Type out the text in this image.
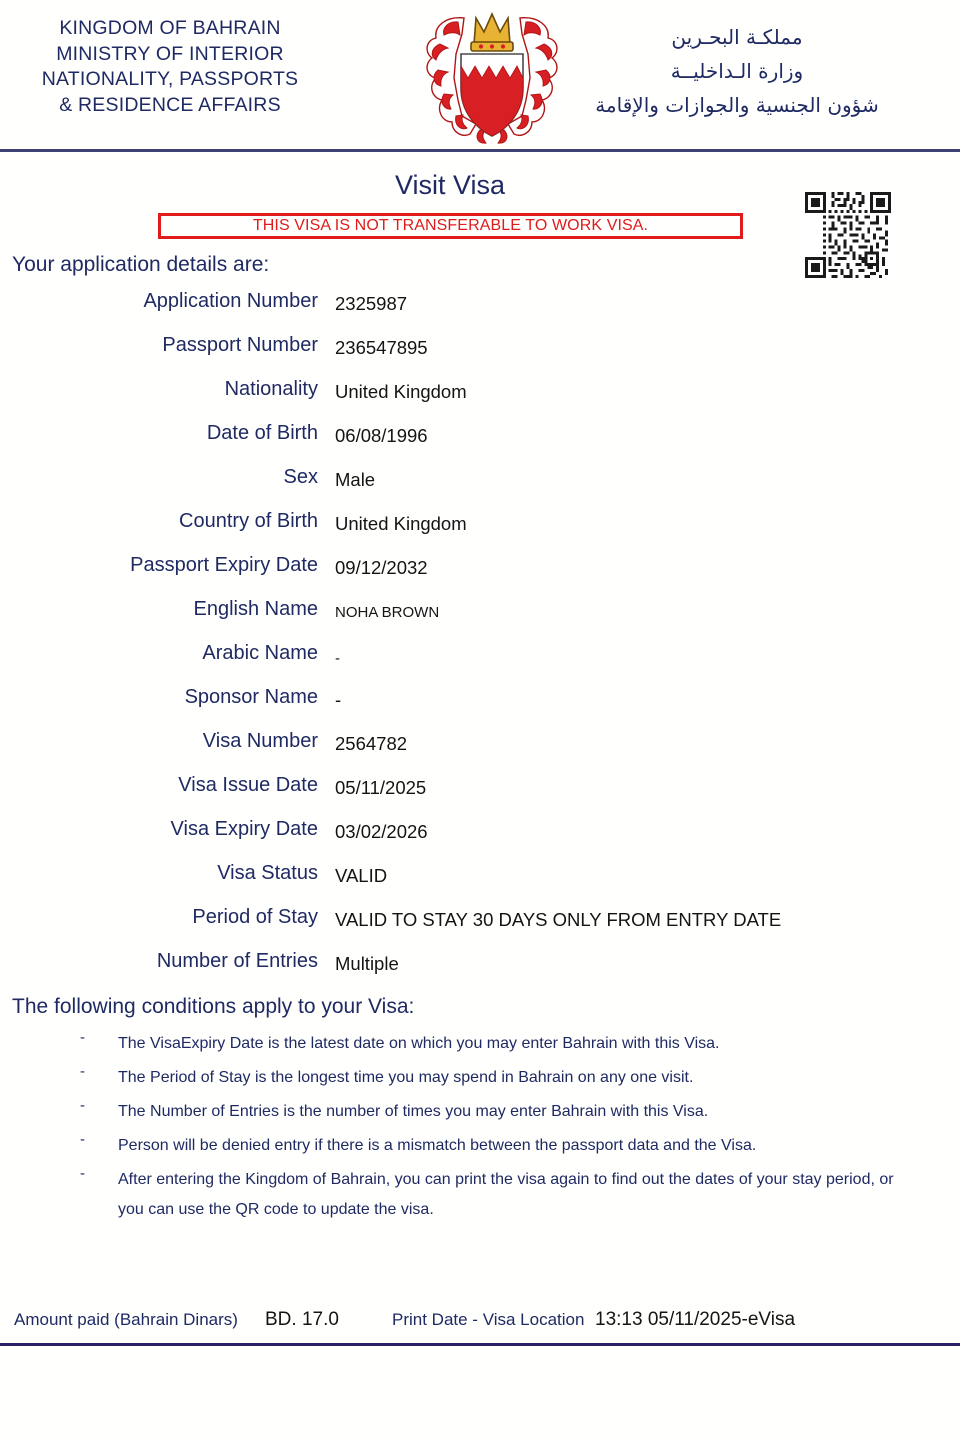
KINGDOM OF BAHRAIN
MINISTRY OF INTERIOR
NATIONALITY, PASSPORTS
& RESIDENCE AFFAIRS
مملكـة البحـرين
وزارة الـداخليــة
شؤون الجنسية والجوازات والإقامة
Visit Visa
THIS VISA IS NOT TRANSFERABLE TO WORK VISA.
Your application details are:
Application Number 2325987
Passport Number 236547895
Nationality United Kingdom
Date of Birth 06/08/1996
Sex Male
Country of Birth United Kingdom
Passport Expiry Date 09/12/2032
English Name NOHA BROWN
Arabic Name -
Sponsor Name -
Visa Number 2564782
Visa Issue Date 05/11/2025
Visa Expiry Date 03/02/2026
Visa Status VALID
Period of Stay VALID TO STAY 30 DAYS ONLY FROM ENTRY DATE
Number of Entries Multiple
The following conditions apply to your Visa:
- The VisaExpiry Date is the latest date on which you may enter Bahrain with this Visa.
- The Period of Stay is the longest time you may spend in Bahrain on any one visit.
- The Number of Entries is the number of times you may enter Bahrain with this Visa.
- Person will be denied entry if there is a mismatch between the passport data and the Visa.
- After entering the Kingdom of Bahrain, you can print the visa again to find out the dates of your stay period, or you can use the QR code to update the visa.
Amount paid (Bahrain Dinars) BD. 17.0	Print Date - Visa Location 13:13 05/11/2025-eVisa
